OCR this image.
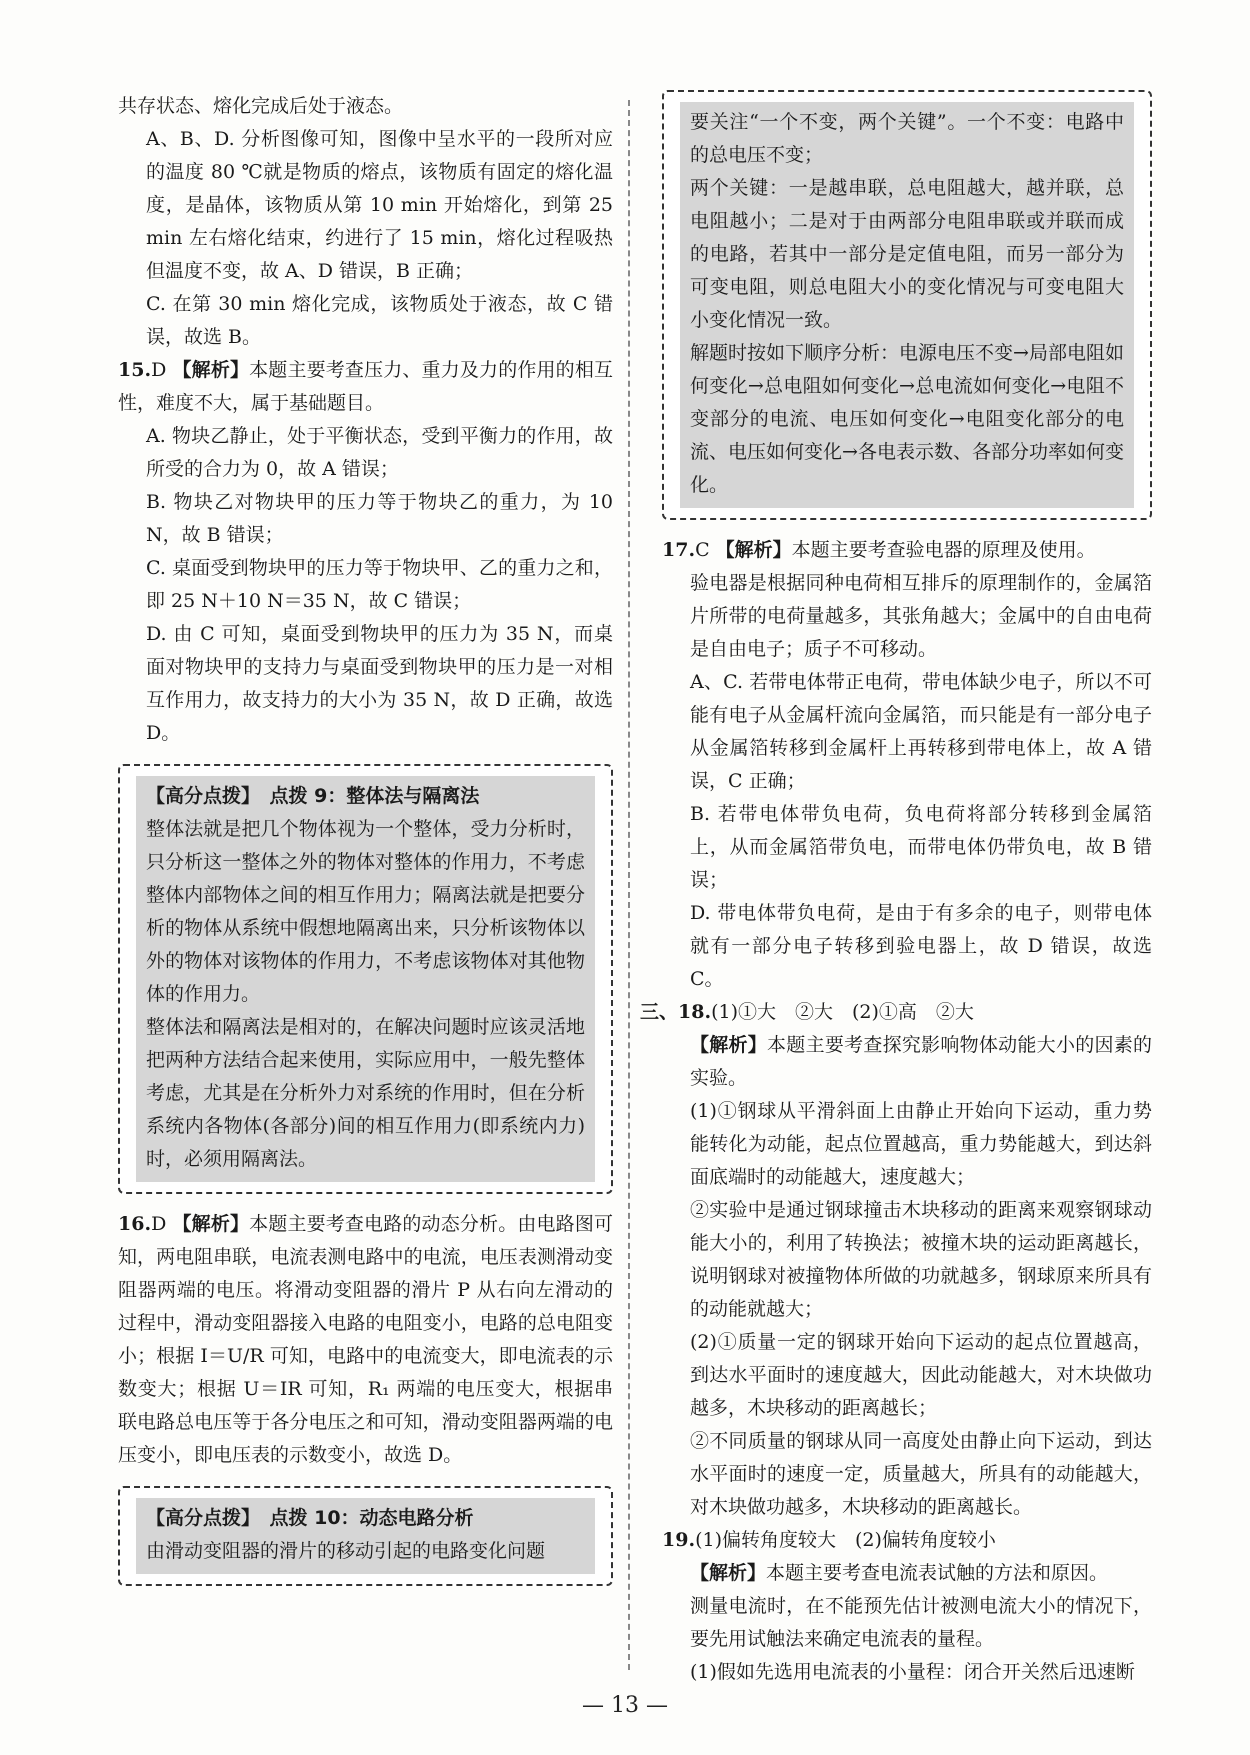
共存状态、熔化完成后处于液态。

A、B、D. 分析图像可知，图像中呈水平的一段所对应的温度 80 ℃就是物质的熔点，该物质有固定的熔化温度，是晶体，该物质从第 10 min 开始熔化，到第 25 min 左右熔化结束，约进行了 15 min，熔化过程吸热但温度不变，故 A、D 错误，B 正确；

C. 在第 30 min 熔化完成，该物质处于液态，故 C 错误，故选 B。

15.D 【解析】本题主要考查压力、重力及力的作用的相互性，难度不大，属于基础题目。

A. 物块乙静止，处于平衡状态，受到平衡力的作用，故所受的合力为 0，故 A 错误；

B. 物块乙对物块甲的压力等于物块乙的重力，为 10 N，故 B 错误；

C. 桌面受到物块甲的压力等于物块甲、乙的重力之和，即 25 N＋10 N＝35 N，故 C 错误；

D. 由 C 可知，桌面受到物块甲的压力为 35 N，而桌面对物块甲的支持力与桌面受到物块甲的压力是一对相互作用力，故支持力的大小为 35 N，故 D 正确，故选 D。

【高分点拨】　点拨 9：整体法与隔离法

整体法就是把几个物体视为一个整体，受力分析时，只分析这一整体之外的物体对整体的作用力，不考虑整体内部物体之间的相互作用力；隔离法就是把要分析的物体从系统中假想地隔离出来，只分析该物体以外的物体对该物体的作用力，不考虑该物体对其他物体的作用力。

整体法和隔离法是相对的，在解决问题时应该灵活地把两种方法结合起来使用，实际应用中，一般先整体考虑，尤其是在分析外力对系统的作用时，但在分析系统内各物体(各部分)间的相互作用力(即系统内力)时，必须用隔离法。

16.D 【解析】本题主要考查电路的动态分析。由电路图可知，两电阻串联，电流表测电路中的电流，电压表测滑动变阻器两端的电压。将滑动变阻器的滑片 P 从右向左滑动的过程中，滑动变阻器接入电路的电阻变小，电路的总电阻变小；根据 I＝U/R 可知，电路中的电流变大，即电流表的示数变大；根据 U＝IR 可知，R₁ 两端的电压变大，根据串联电路总电压等于各分电压之和可知，滑动变阻器两端的电压变小，即电压表的示数变小，故选 D。

【高分点拨】　点拨 10：动态电路分析

由滑动变阻器的滑片的移动引起的电路变化问题

要关注“一个不变，两个关键”。一个不变：电路中的总电压不变；

两个关键：一是越串联，总电阻越大，越并联，总电阻越小；二是对于由两部分电阻串联或并联而成的电路，若其中一部分是定值电阻，而另一部分为可变电阻，则总电阻大小的变化情况与可变电阻大小变化情况一致。

解题时按如下顺序分析：电源电压不变→局部电阻如何变化→总电阻如何变化→总电流如何变化→电阻不变部分的电流、电压如何变化→电阻变化部分的电流、电压如何变化→各电表示数、各部分功率如何变化。

17.C 【解析】本题主要考查验电器的原理及使用。

验电器是根据同种电荷相互排斥的原理制作的，金属箔片所带的电荷量越多，其张角越大；金属中的自由电荷是自由电子；质子不可移动。

A、C. 若带电体带正电荷，带电体缺少电子，所以不可能有电子从金属杆流向金属箔，而只能是有一部分电子从金属箔转移到金属杆上再转移到带电体上，故 A 错误，C 正确；

B. 若带电体带负电荷，负电荷将部分转移到金属箔上，从而金属箔带负电，而带电体仍带负电，故 B 错误；

D. 带电体带负电荷，是由于有多余的电子，则带电体就有一部分电子转移到验电器上，故 D 错误，故选 C。

三、18.(1)①大　②大　(2)①高　②大

【解析】本题主要考查探究影响物体动能大小的因素的实验。

(1)①钢球从平滑斜面上由静止开始向下运动，重力势能转化为动能，起点位置越高，重力势能越大，到达斜面底端时的动能越大，速度越大；

②实验中是通过钢球撞击木块移动的距离来观察钢球动能大小的，利用了转换法；被撞木块的运动距离越长，说明钢球对被撞物体所做的功就越多，钢球原来所具有的动能就越大；

(2)①质量一定的钢球开始向下运动的起点位置越高，到达水平面时的速度越大，因此动能越大，对木块做功越多，木块移动的距离越长；

②不同质量的钢球从同一高度处由静止向下运动，到达水平面时的速度一定，质量越大，所具有的动能越大，对木块做功越多，木块移动的距离越长。

19.(1)偏转角度较大　(2)偏转角度较小

【解析】本题主要考查电流表试触的方法和原因。

测量电流时，在不能预先估计被测电流大小的情况下，要先用试触法来确定电流表的量程。

(1)假如先选用电流表的小量程：闭合开关然后迅速断

— 13 —
